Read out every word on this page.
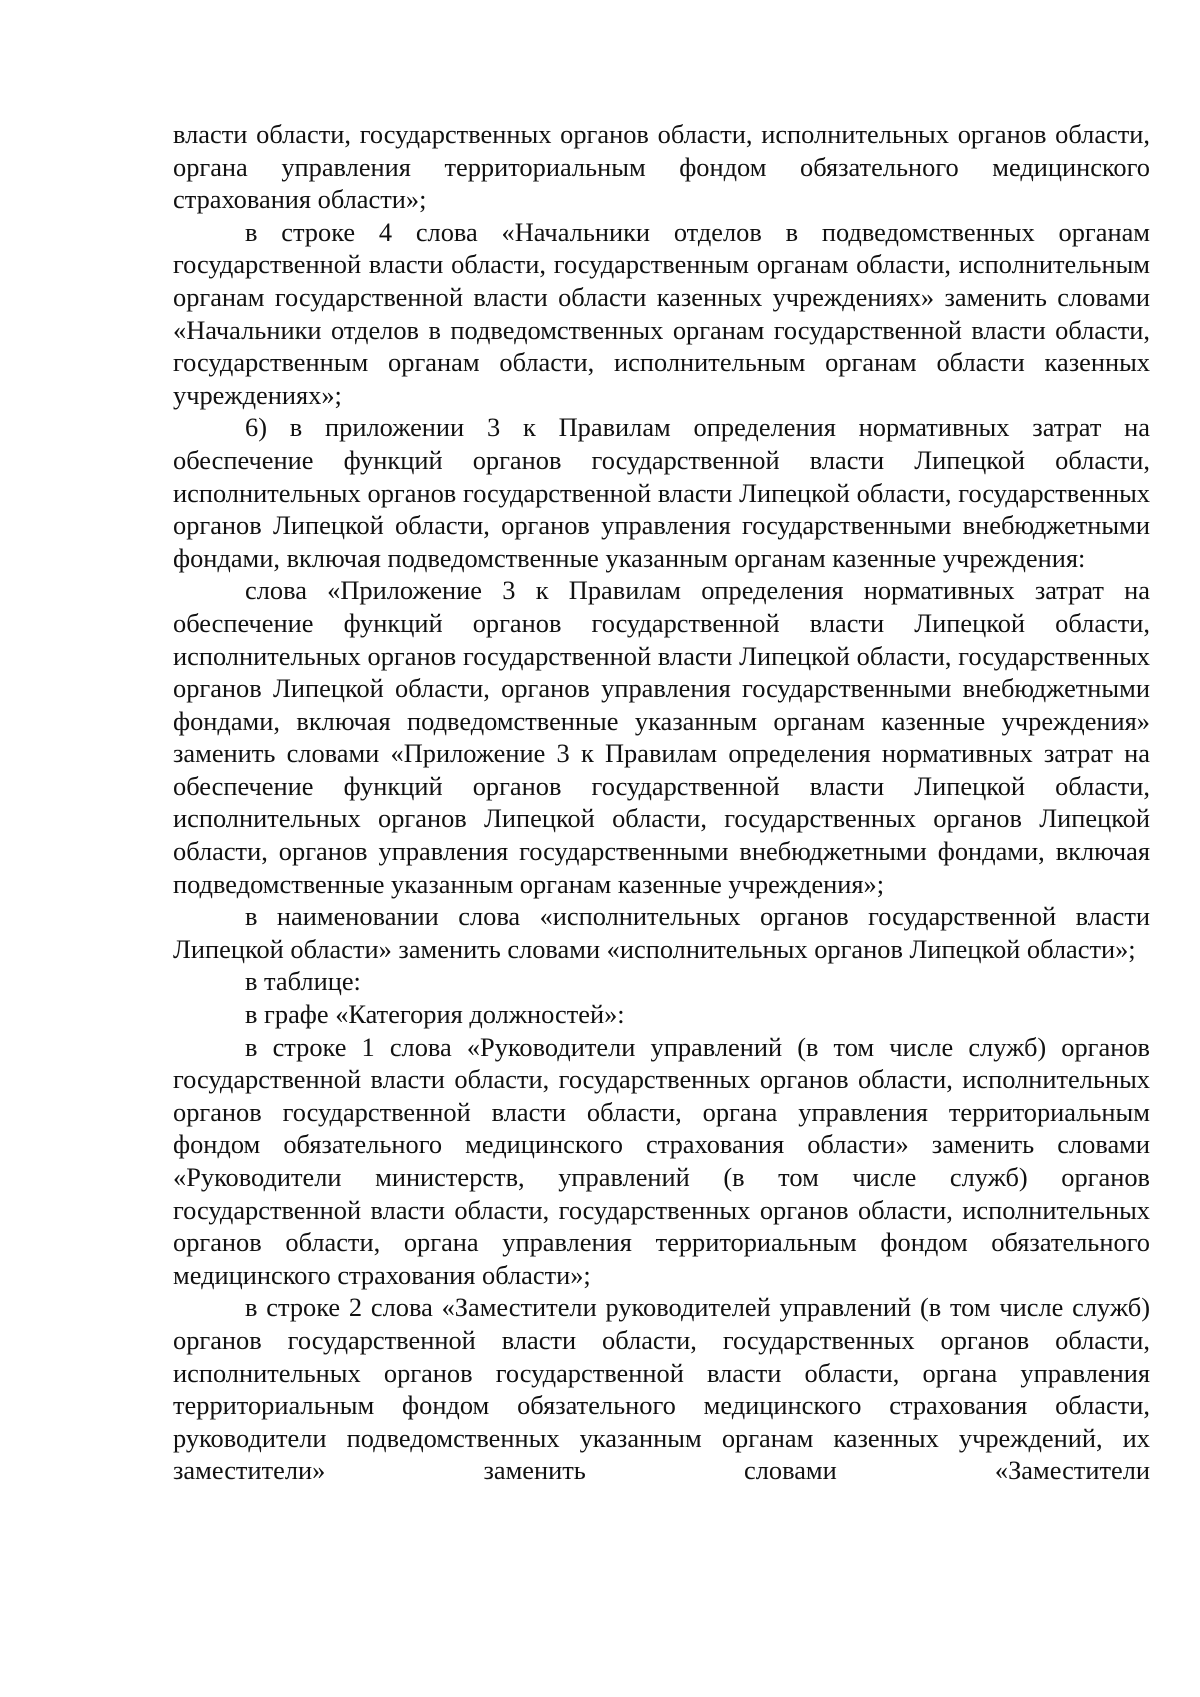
власти области, государственных органов области, исполнительных органов области, органа управления территориальным фондом обязательного медицинского страхования области»;

в строке 4 слова «Начальники отделов в подведомственных органам государственной власти области, государственным органам области, исполнительным органам государственной власти области казенных учреждениях» заменить словами «Начальники отделов в подведомственных органам государственной власти области, государственным органам области, исполнительным органам области казенных учреждениях»;

6) в приложении 3 к Правилам определения нормативных затрат на обеспечение функций органов государственной власти Липецкой области, исполнительных органов государственной власти Липецкой области, государственных органов Липецкой области, органов управления государственными внебюджетными фондами, включая подведомственные указанным органам казенные учреждения:

слова «Приложение 3 к Правилам определения нормативных затрат на обеспечение функций органов государственной власти Липецкой области, исполнительных органов государственной власти Липецкой области, государственных органов Липецкой области, органов управления государственными внебюджетными фондами, включая подведомственные указанным органам казенные учреждения» заменить словами «Приложение 3 к Правилам определения нормативных затрат на обеспечение функций органов государственной власти Липецкой области, исполнительных органов Липецкой области, государственных органов Липецкой области, органов управления государственными внебюджетными фондами, включая подведомственные указанным органам казенные учреждения»;

в наименовании слова «исполнительных органов государственной власти Липецкой области» заменить словами «исполнительных органов Липецкой области»;

в таблице:

в графе «Категория должностей»:

в строке 1 слова «Руководители управлений (в том числе служб) органов государственной власти области, государственных органов области, исполнительных органов государственной власти области, органа управления территориальным фондом обязательного медицинского страхования области» заменить словами «Руководители министерств, управлений (в том числе служб) органов государственной власти области, государственных органов области, исполнительных органов области, органа управления территориальным фондом обязательного медицинского страхования области»;

в строке 2 слова «Заместители руководителей управлений (в том числе служб) органов государственной власти области, государственных органов области, исполнительных органов государственной власти области, органа управления территориальным фондом обязательного медицинского страхования области, руководители подведомственных указанным органам казенных учреждений, их заместители» заменить словами «Заместители
